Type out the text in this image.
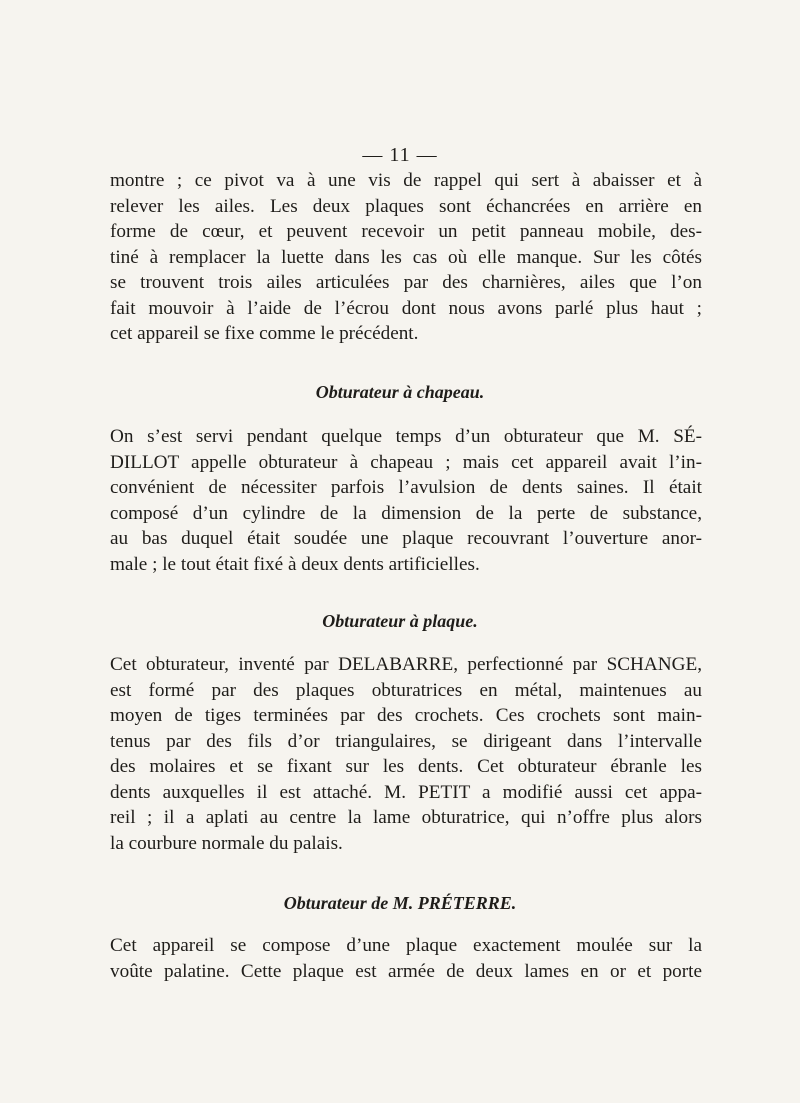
— 11 —
montre ; ce pivot va à une vis de rappel qui sert à abaisser et à
relever les ailes. Les deux plaques sont échancrées en arrière en
forme de cœur, et peuvent recevoir un petit panneau mobile, des-
tiné à remplacer la luette dans les cas où elle manque. Sur les côtés
se trouvent trois ailes articulées par des charnières, ailes que l’on
fait mouvoir à l’aide de l’écrou dont nous avons parlé plus haut ;
cet appareil se fixe comme le précédent.
Obturateur à chapeau.
On s’est servi pendant quelque temps d’un obturateur que M. SÉ-
DILLOT appelle obturateur à chapeau ; mais cet appareil avait l’in-
convénient de nécessiter parfois l’avulsion de dents saines. Il était
composé d’un cylindre de la dimension de la perte de substance,
au bas duquel était soudée une plaque recouvrant l’ouverture anor-
male ; le tout était fixé à deux dents artificielles.
Obturateur à plaque.
Cet obturateur, inventé par DELABARRE, perfectionné par SCHANGE,
est formé par des plaques obturatrices en métal, maintenues au
moyen de tiges terminées par des crochets. Ces crochets sont main-
tenus par des fils d’or triangulaires, se dirigeant dans l’intervalle
des molaires et se fixant sur les dents. Cet obturateur ébranle les
dents auxquelles il est attaché. M. PETIT a modifié aussi cet appa-
reil ; il a aplati au centre la lame obturatrice, qui n’offre plus alors
la courbure normale du palais.
Obturateur de M. PRÉTERRE.
Cet appareil se compose d’une plaque exactement moulée sur la
voûte palatine. Cette plaque est armée de deux lames en or et porte
